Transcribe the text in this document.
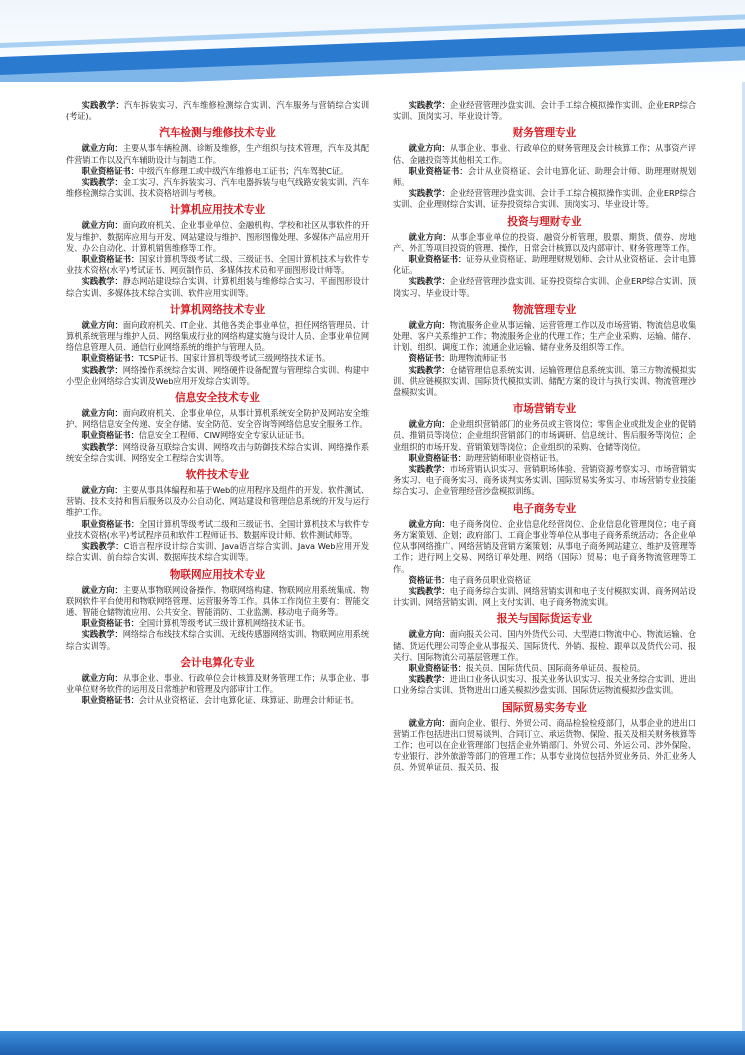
实践教学：汽车拆装实习、汽车维修检测综合实训、汽车服务与营销综合实训(考证)。

汽车检测与维修技术专业

就业方向：主要从事车辆检测、诊断及维修，生产组织与技术管理，汽车及其配件营销工作以及汽车辅助设计与制造工作。

职业资格证书：中级汽车修理工或中级汽车维修电工证书；汽车驾驶C证。

实践教学：金工实习、汽车拆装实习、汽车电器拆装与电气线路安装实训、汽车维修检测综合实训、技术资格培训与考核。

计算机应用技术专业

就业方向：面向政府机关、企业事业单位、金融机构、学校和社区从事软件的开发与维护、数据库应用与开发、网站建设与维护、图形图像处理、多媒体产品应用开发、办公自动化、计算机销售维修等工作。

职业资格证书：国家计算机等级考试二级、三级证书、全国计算机技术与软件专业技术资格(水平)考试证书、网页制作员、多媒体技术员和平面图形设计师等。

实践教学：静态网站建设综合实训、计算机组装与维修综合实习、平面图形设计综合实训、多媒体技术综合实训、软件应用实训等。

计算机网络技术专业

就业方向：面向政府机关、IT企业、其他各类企事业单位，担任网络管理员、计算机系统管理与维护人员、网络集成行业的网络构建实施与设计人员、企事业单位网络信息管理人员、通信行业网络系统的维护与管理人员。

职业资格证书：TCSP证书、国家计算机等级考试三级网络技术证书。

实践教学：网络操作系统综合实训、网络硬件设备配置与管理综合实训、构建中小型企业网络综合实训及Web应用开发综合实训等。

信息安全技术专业

就业方向：面向政府机关、企事业单位，从事计算机系统安全防护及网站安全维护、网络信息安全传递、安全存储、安全防范、安全咨询等网络信息安全服务工作。

职业资格证书：信息安全工程师、CIW网络安全专家认证证书。

实践教学：网络设备互联综合实训、网络攻击与防御技术综合实训、网络操作系统安全综合实训、网络安全工程综合实训等。

软件技术专业

就业方向：主要从事具体编程和基于Web的应用程序及组件的开发、软件测试、营销、技术支持和售后服务以及办公自动化、网站建设和管理信息系统的开发与运行维护工作。

职业资格证书：全国计算机等级考试二级和三级证书、全国计算机技术与软件专业技术资格(水平)考试程序员和软件工程师证书、数据库设计师、软件测试师等。

实践教学：C语言程序设计综合实训、Java语言综合实训、Java Web应用开发综合实训、前台综合实训、数据库技术综合实训等。

物联网应用技术专业

就业方向：主要从事物联网设备操作、物联网络构建、物联网应用系统集成、物联网软件平台使用和物联网络管理、运营服务等工作。具体工作岗位主要有：智能交通、智能仓储物流应用、公共安全、智能消防、工业监测、移动电子商务等。

职业资格证书：全国计算机等级考试三级计算机网络技术证书。

实践教学：网络综合布线技术综合实训、无线传感器网络实训、物联网应用系统综合实训等。

会计电算化专业

就业方向：从事企业、事业、行政单位会计核算及财务管理工作；从事企业、事业单位财务软件的运用及日常维护和管理及内部审计工作。

职业资格证书：会计从业资格证、会计电算化证、珠算证、助理会计师证书。

实践教学：企业经营管理沙盘实训、会计手工综合模拟操作实训、企业ERP综合实训、顶岗实习、毕业设计等。

财务管理专业

就业方向：从事企业、事业、行政单位的财务管理及会计核算工作；从事资产评估、金融投资等其他相关工作。

职业资格证书：会计从业资格证、会计电算化证、助理会计师、助理理财规划师。

实践教学：企业经营管理沙盘实训、会计手工综合模拟操作实训、企业ERP综合实训、企业理财综合实训、证券投资综合实训、顶岗实习、毕业设计等。

投资与理财专业

就业方向：从事企事业单位的投资、融资分析管理，股票、期货、债券、房地产、外汇等项目投资的管理、操作，日常会计核算以及内部审计、财务管理等工作。

职业资格证书：证券从业资格证、助理理财规划师、会计从业资格证、会计电算化证。

实践教学：企业经营管理沙盘实训、证券投资综合实训、企业ERP综合实训、顶岗实习、毕业设计等。

物流管理专业

就业方向：物流服务企业从事运输、运营管理工作以及市场营销、物流信息收集处理、客户关系维护工作；物流服务企业的代理工作；生产企业采购、运输、储存、计划、组织、调度工作；流通企业运输、储存业务及组织等工作。

资格证书：助理物流师证书

实践教学：仓储管理信息系统实训、运输管理信息系统实训、第三方物流模拟实训、供应链模拟实训、国际货代模拟实训、储配方案的设计与执行实训、物流管理沙盘模拟实训。

市场营销专业

就业方向：企业组织营销部门的业务员或主管岗位；零售企业或批发企业的促销员、推销员等岗位；企业组织营销部门的市场调研、信息统计、售后服务等岗位；企业组织的市场开发、营销策划等岗位；企业组织的采购、仓储等岗位。

职业资格证书：助理营销师职业资格证书。

实践教学：市场营销认识实习、营销职场体验、营销资源考察实习、市场营销实务实习、电子商务实习、商务谈判实务实训、国际贸易实务实习、市场营销专业技能综合实习、企业管理经营沙盘模拟训练。

电子商务专业

就业方向：电子商务岗位、企业信息化经营岗位、企业信息化管理岗位；电子商务方案策划、企划；政府部门、工商企事业等单位从事电子商务系统活动；各企业单位从事网络推广、网络营销及营销方案策划；从事电子商务网站建立、维护及管理等工作；进行网上交易、网络订单处理、网络（国际）贸易；电子商务物流管理等工作。

资格证书：电子商务员职业资格证

实践教学：电子商务综合实训、网络营销实训和电子支付模拟实训、商务网站设计实训、网络营销实训、网上支付实训、电子商务物流实训。

报关与国际货运专业

就业方向：面向报关公司、国内外货代公司、大型港口物流中心、物流运输、仓储、货运代理公司等企业从事报关、国际货代、外销、报检、跟单以及货代公司、报关行、国际物流公司基层管理工作。

职业资格证书：报关员、国际货代员、国际商务单证员、报检员。

实践教学：进出口业务认识实习、报关业务认识实习、报关业务综合实训、进出口业务综合实训、货物进出口通关模拟沙盘实训、国际货运物流模拟沙盘实训。

国际贸易实务专业

就业方向：面向企业、银行、外贸公司、商品检验检疫部门，从事企业的进出口营销工作包括进出口贸易谈判、合同订立、承运货物、保险、报关及相关财务核算等工作；也可以在企业管理部门包括企业外销部门、外贸公司、外运公司、涉外保险、专业银行、涉外旅游等部门的管理工作；从事专业岗位包括外贸业务员、外汇业务人员、外贸单证员、报关员、报
